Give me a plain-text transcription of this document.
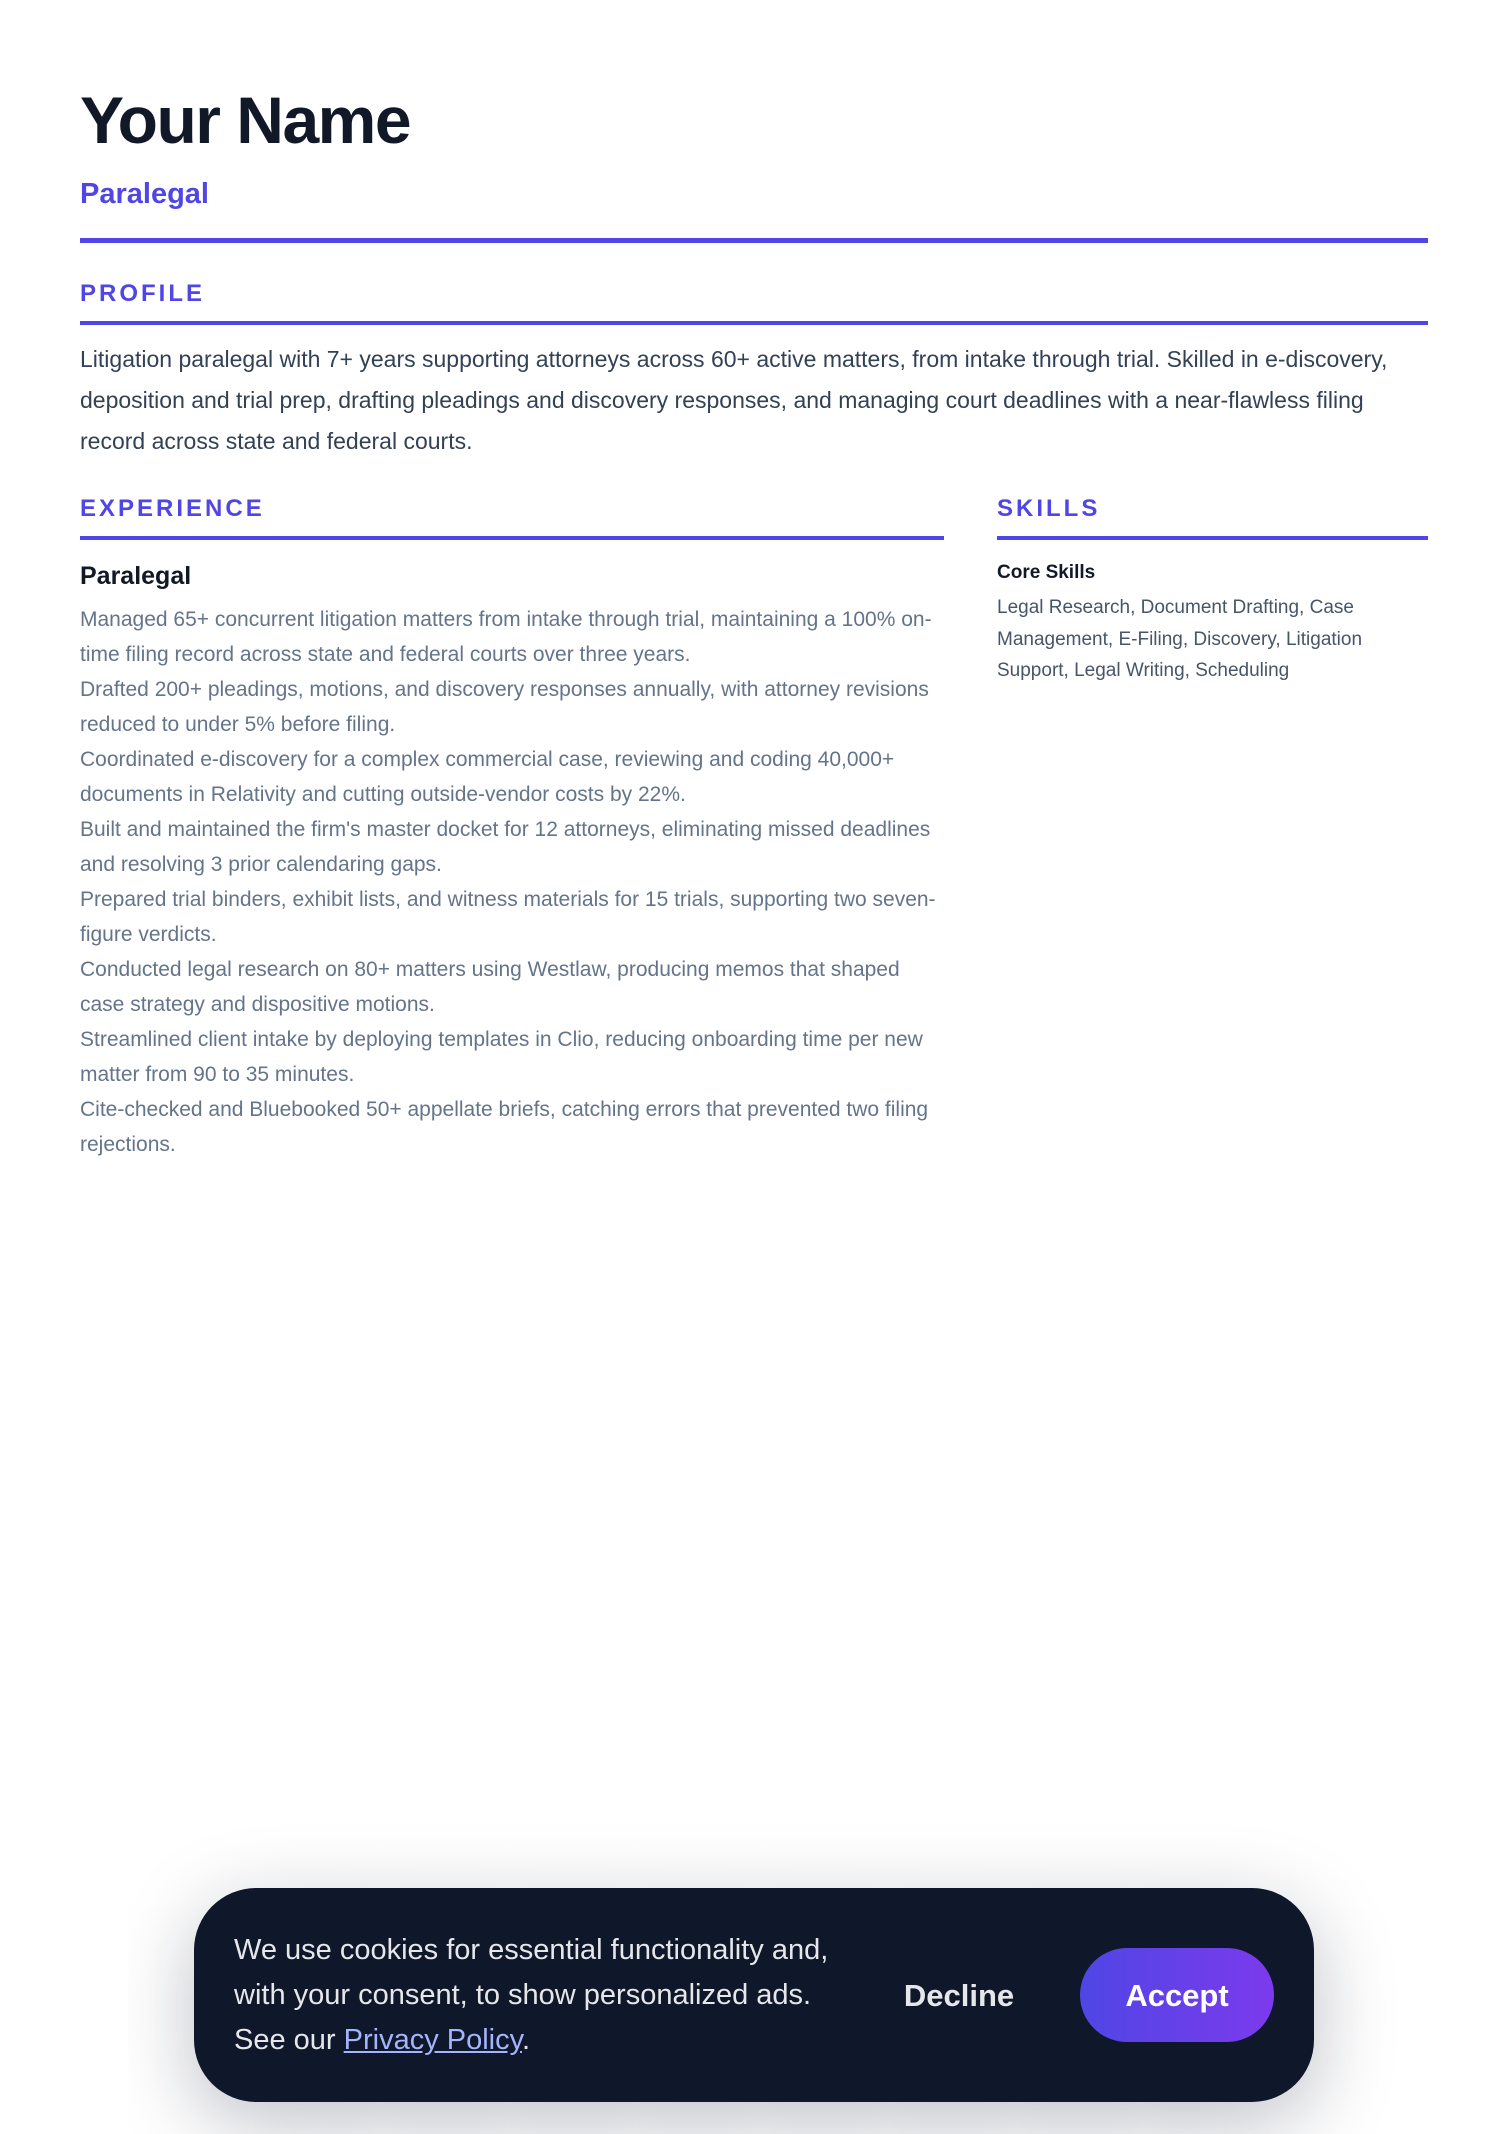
Your Name
Paralegal
PROFILE
Litigation paralegal with 7+ years supporting attorneys across 60+ active matters, from intake through trial. Skilled in e-discovery, deposition and trial prep, drafting pleadings and discovery responses, and managing court deadlines with a near-flawless filing record across state and federal courts.
EXPERIENCE
Paralegal
Managed 65+ concurrent litigation matters from intake through trial, maintaining a 100% on-time filing record across state and federal courts over three years.
Drafted 200+ pleadings, motions, and discovery responses annually, with attorney revisions reduced to under 5% before filing.
Coordinated e-discovery for a complex commercial case, reviewing and coding 40,000+ documents in Relativity and cutting outside-vendor costs by 22%.
Built and maintained the firm's master docket for 12 attorneys, eliminating missed deadlines and resolving 3 prior calendaring gaps.
Prepared trial binders, exhibit lists, and witness materials for 15 trials, supporting two seven-figure verdicts.
Conducted legal research on 80+ matters using Westlaw, producing memos that shaped case strategy and dispositive motions.
Streamlined client intake by deploying templates in Clio, reducing onboarding time per new matter from 90 to 35 minutes.
Cite-checked and Bluebooked 50+ appellate briefs, catching errors that prevented two filing rejections.
SKILLS
Core Skills
Legal Research, Document Drafting, Case Management, E-Filing, Discovery, Litigation Support, Legal Writing, Scheduling
We use cookies for essential functionality and, with your consent, to show personalized ads. See our Privacy Policy.
Decline	Accept
